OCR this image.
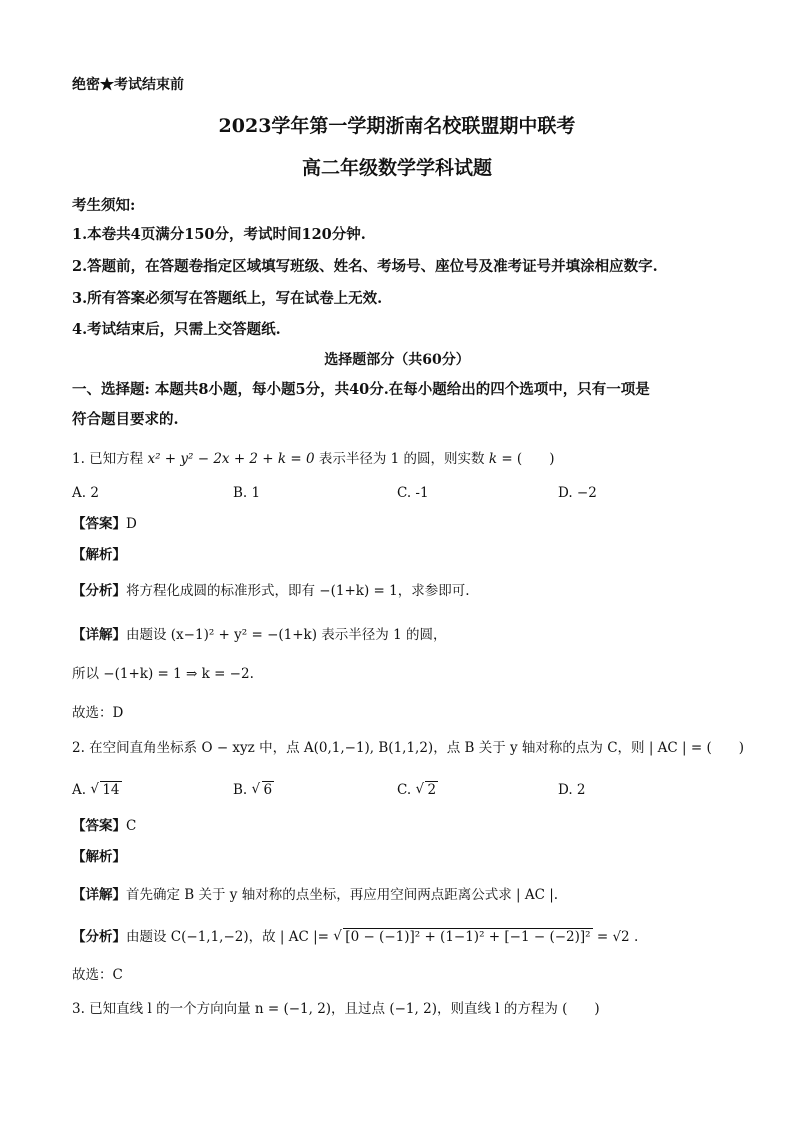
绝密★考试结束前
2023学年第一学期浙南名校联盟期中联考
高二年级数学学科试题
考生须知:
1.本卷共4页满分150分，考试时间120分钟.
2.答题前，在答题卷指定区域填写班级、姓名、考场号、座位号及准考证号并填涂相应数字.
3.所有答案必须写在答题纸上，写在试卷上无效.
4.考试结束后，只需上交答题纸.
选择题部分（共60分）
一、选择题: 本题共8小题，每小题5分，共40分.在每小题给出的四个选项中，只有一项是
符合题目要求的.
1. 已知方程 x² + y² − 2x + 2 + k = 0 表示半径为 1 的圆，则实数 k = (　　)
A. 2	B. 1	C. -1	D. −2
【答案】D
【解析】
【分析】将方程化成圆的标准形式，即有 −(1+k) = 1，求参即可.
【详解】由题设 (x−1)² + y² = −(1+k) 表示半径为 1 的圆，
所以 −(1+k) = 1 ⇒ k = −2.
故选：D
2. 在空间直角坐标系 O − xyz 中，点 A(0,1,−1), B(1,1,2)，点 B 关于 y 轴对称的点为 C，则 | AC | = (　　)
A. √ 14	B. √ 6	C. √ 2	D. 2
【答案】C
【解析】
【详解】首先确定 B 关于 y 轴对称的点坐标，再应用空间两点距离公式求 | AC |.
【分析】由题设 C(−1,1,−2)，故 | AC |= √ [0 − (−1)]² + (1−1)² + [−1 − (−2)]² = √2 .
故选：C
3. 已知直线 l 的一个方向向量 n = (−1, 2)，且过点 (−1, 2)，则直线 l 的方程为 (　　)
